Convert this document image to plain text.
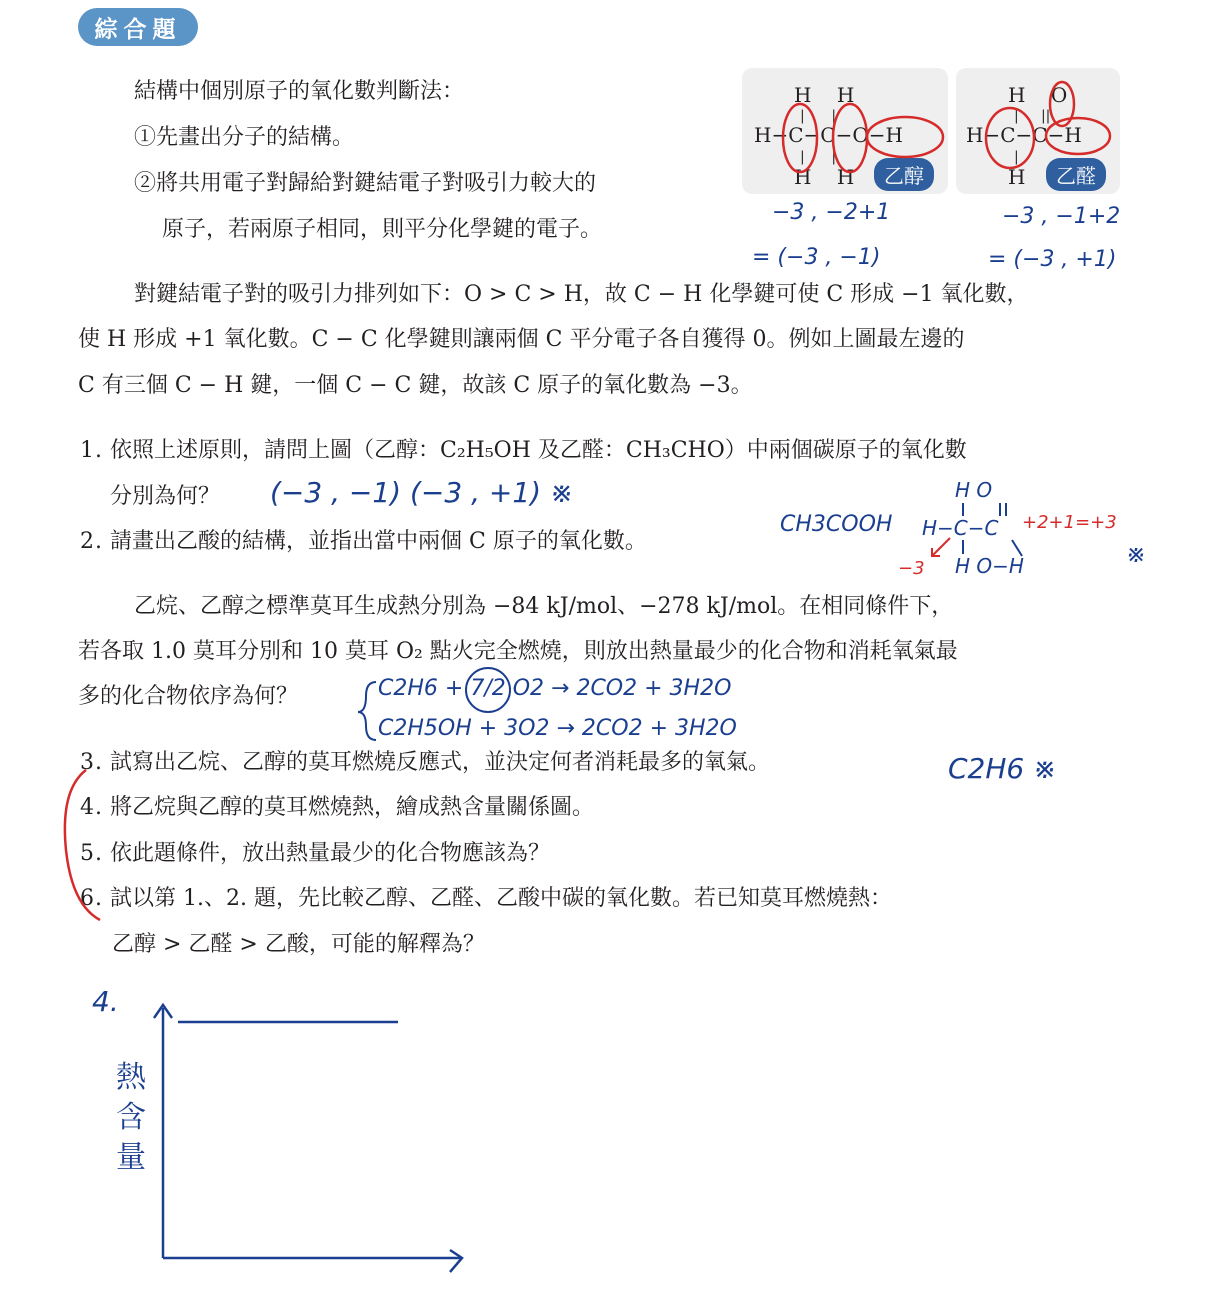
綜合題
結構中個別原子的氧化數判斷法：
①先畫出分子的結構。
②將共用電子對歸給對鍵結電子對吸引力較大的
原子，若兩原子相同，則平分化學鍵的電子。
H    H
|      |
H−C−C−O−H
|      |
H    H	乙醇
H    O
|     ||
H−C−C−H
|
H	乙醛
−3 , −2+1
= (−3 , −1)
−3 , −1+2
= (−3 , +1)
對鍵結電子對的吸引力排列如下：O > C > H，故 C − H 化學鍵可使 C 形成 −1 氧化數，
使 H 形成 +1 氧化數。C − C 化學鍵則讓兩個 C 平分電子各自獲得 0。例如上圖最左邊的
C 有三個 C − H 鍵，一個 C − C 鍵，故該 C 原子的氧化數為 −3。
1. 依照上述原則，請問上圖（乙醇：C₂H₅OH 及乙醛：CH₃CHO）中兩個碳原子的氧化數
分別為何？ (−3 , −1) (−3 , +1) ※
2. 請畫出乙酸的結構，並指出當中兩個 C 原子的氧化數。
CH3COOH
H O
H−C−C
H O−H
+2+1=+3
−3
※
乙烷、乙醇之標準莫耳生成熱分別為 −84 kJ/mol、−278 kJ/mol。在相同條件下，
若各取 1.0 莫耳分別和 10 莫耳 O₂ 點火完全燃燒，則放出熱量最少的化合物和消耗氧氣最
多的化合物依序為何？	C2H6 + 7/2 O2 → 2CO2 + 3H2O
C2H5OH + 3O2 → 2CO2 + 3H2O
3. 試寫出乙烷、乙醇的莫耳燃燒反應式，並決定何者消耗最多的氧氣。	C2H6 ※
4. 將乙烷與乙醇的莫耳燃燒熱，繪成熱含量關係圖。
5. 依此題條件，放出熱量最少的化合物應該為？
6. 試以第 1.、2. 題，先比較乙醇、乙醛、乙酸中碳的氧化數。若已知莫耳燃燒熱：
乙醇 > 乙醛 > 乙酸，可能的解釋為？
4.
熱含量
